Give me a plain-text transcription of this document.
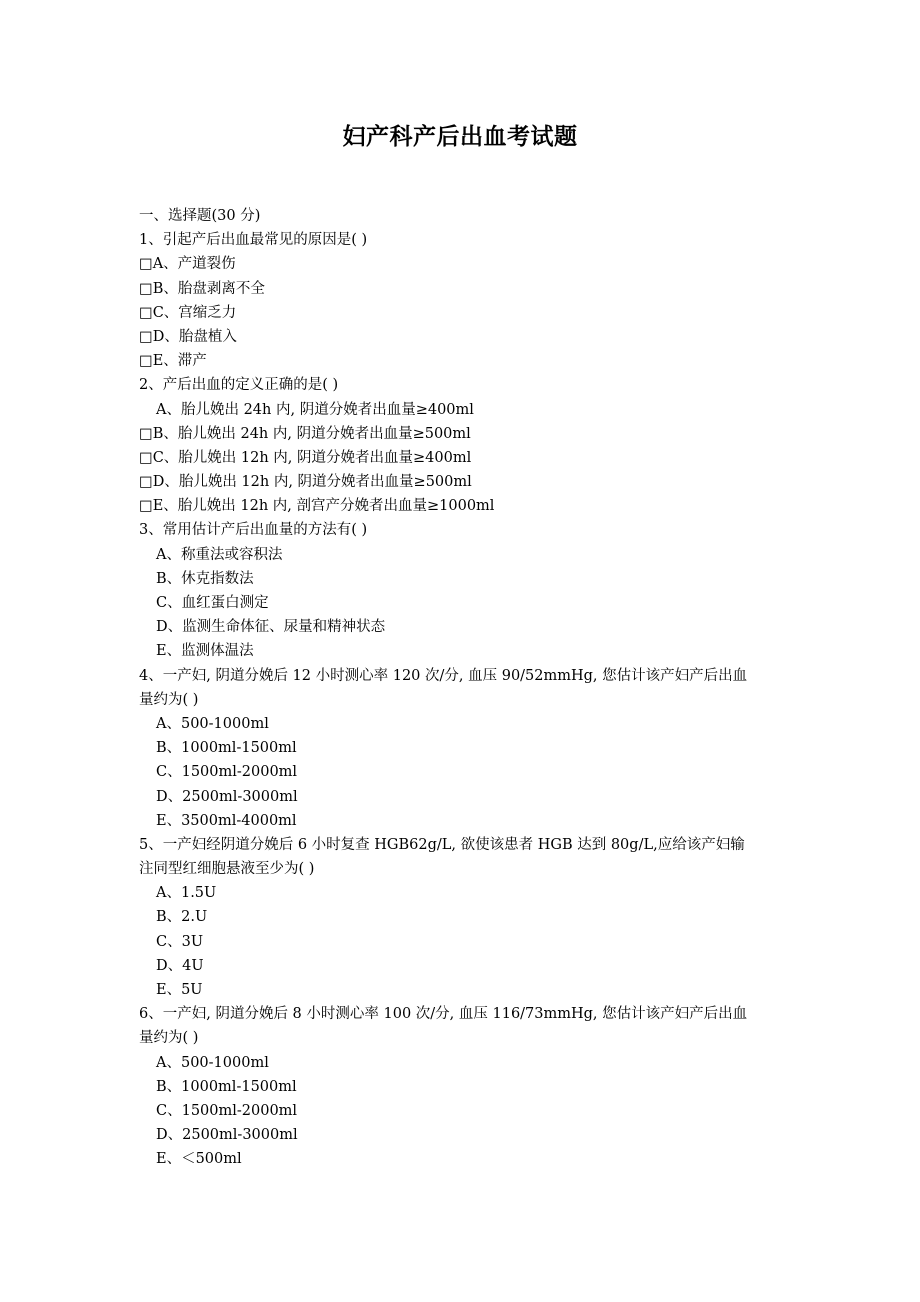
妇产科产后出血考试题
一、选择题(30 分)
1、引起产后出血最常见的原因是( )
□A、产道裂伤
□B、胎盘剥离不全
□C、宫缩乏力
□D、胎盘植入
□E、滞产
2、产后出血的定义正确的是( )
A、胎儿娩出 24h 内, 阴道分娩者出血量≥400ml
□B、胎儿娩出 24h 内, 阴道分娩者出血量≥500ml
□C、胎儿娩出 12h 内, 阴道分娩者出血量≥400ml
□D、胎儿娩出 12h 内, 阴道分娩者出血量≥500ml
□E、胎儿娩出 12h 内, 剖宫产分娩者出血量≥1000ml
3、常用估计产后出血量的方法有( )
A、称重法或容积法
B、休克指数法
C、血红蛋白测定
D、监测生命体征、尿量和精神状态
E、监测体温法
4、一产妇, 阴道分娩后 12 小时测心率 120 次/分, 血压 90/52mmHg, 您估计该产妇产后出血
量约为( )
A、500-1000ml
B、1000ml-1500ml
C、1500ml-2000ml
D、2500ml-3000ml
E、3500ml-4000ml
5、一产妇经阴道分娩后 6 小时复查 HGB62g/L, 欲使该患者 HGB 达到 80g/L,应给该产妇输
注同型红细胞悬液至少为( )
A、1.5U
B、2.U
C、3U
D、4U
E、5U
6、一产妇, 阴道分娩后 8 小时测心率 100 次/分, 血压 116/73mmHg, 您估计该产妇产后出血
量约为( )
A、500-1000ml
B、1000ml-1500ml
C、1500ml-2000ml
D、2500ml-3000ml
E、＜500ml
